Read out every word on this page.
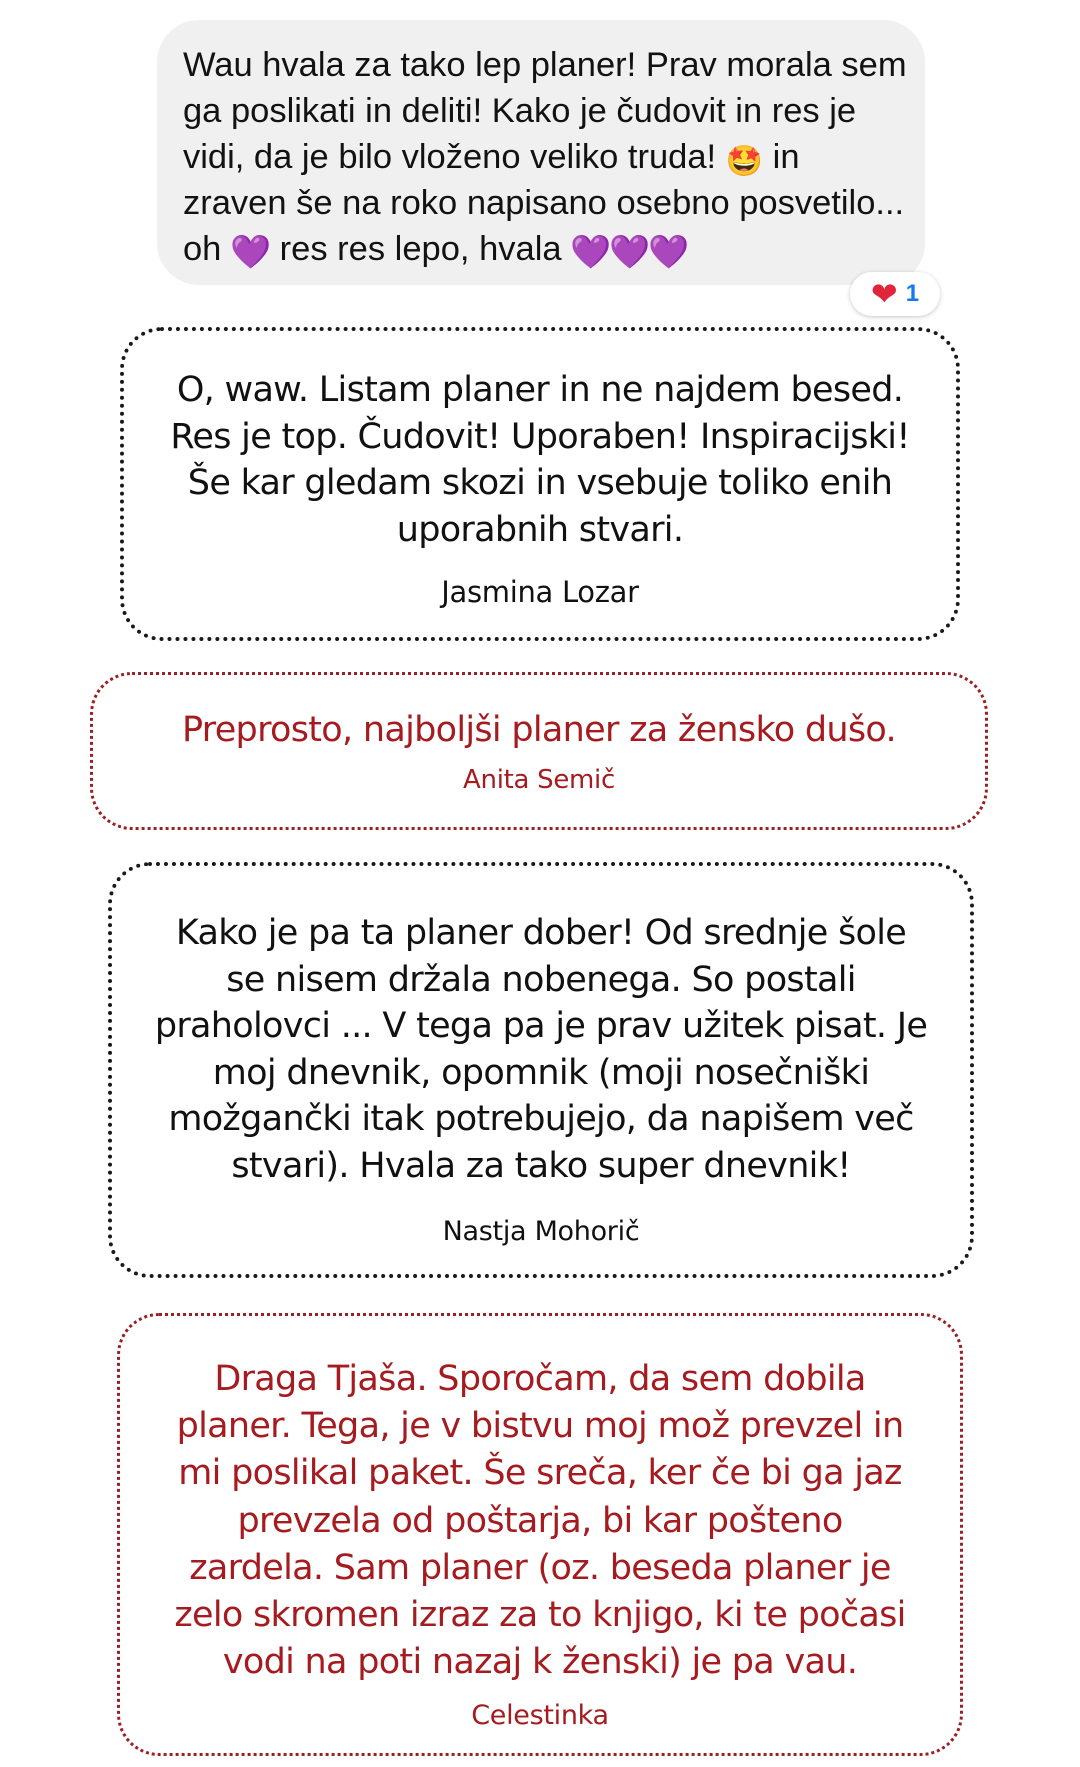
Wau hvala za tako lep planer! Prav morala sem
ga poslikati in deliti! Kako je čudovit in res je
vidi, da je bilo vloženo veliko truda! 🤩 in
zraven še na roko napisano osebno posvetilo...
oh 💜 res res lepo, hvala 💜💜💜
❤ 1
O, waw. Listam planer in ne najdem besed.
Res je top. Čudovit! Uporaben! Inspiracijski!
Še kar gledam skozi in vsebuje toliko enih
uporabnih stvari.
Jasmina Lozar
Preprosto, najboljši planer za žensko dušo.
Anita Semič
Kako je pa ta planer dober! Od srednje šole
se nisem držala nobenega. So postali
praholovci ... V tega pa je prav užitek pisat. Je
moj dnevnik, opomnik (moji nosečniški
možgančki itak potrebujejo, da napišem več
stvari). Hvala za tako super dnevnik!
Nastja Mohorič
Draga Tjaša. Sporočam, da sem dobila
planer. Tega, je v bistvu moj mož prevzel in
mi poslikal paket. Še sreča, ker če bi ga jaz
prevzela od poštarja, bi kar pošteno
zardela. Sam planer (oz. beseda planer je
zelo skromen izraz za to knjigo, ki te počasi
vodi na poti nazaj k ženski) je pa vau.
Celestinka
